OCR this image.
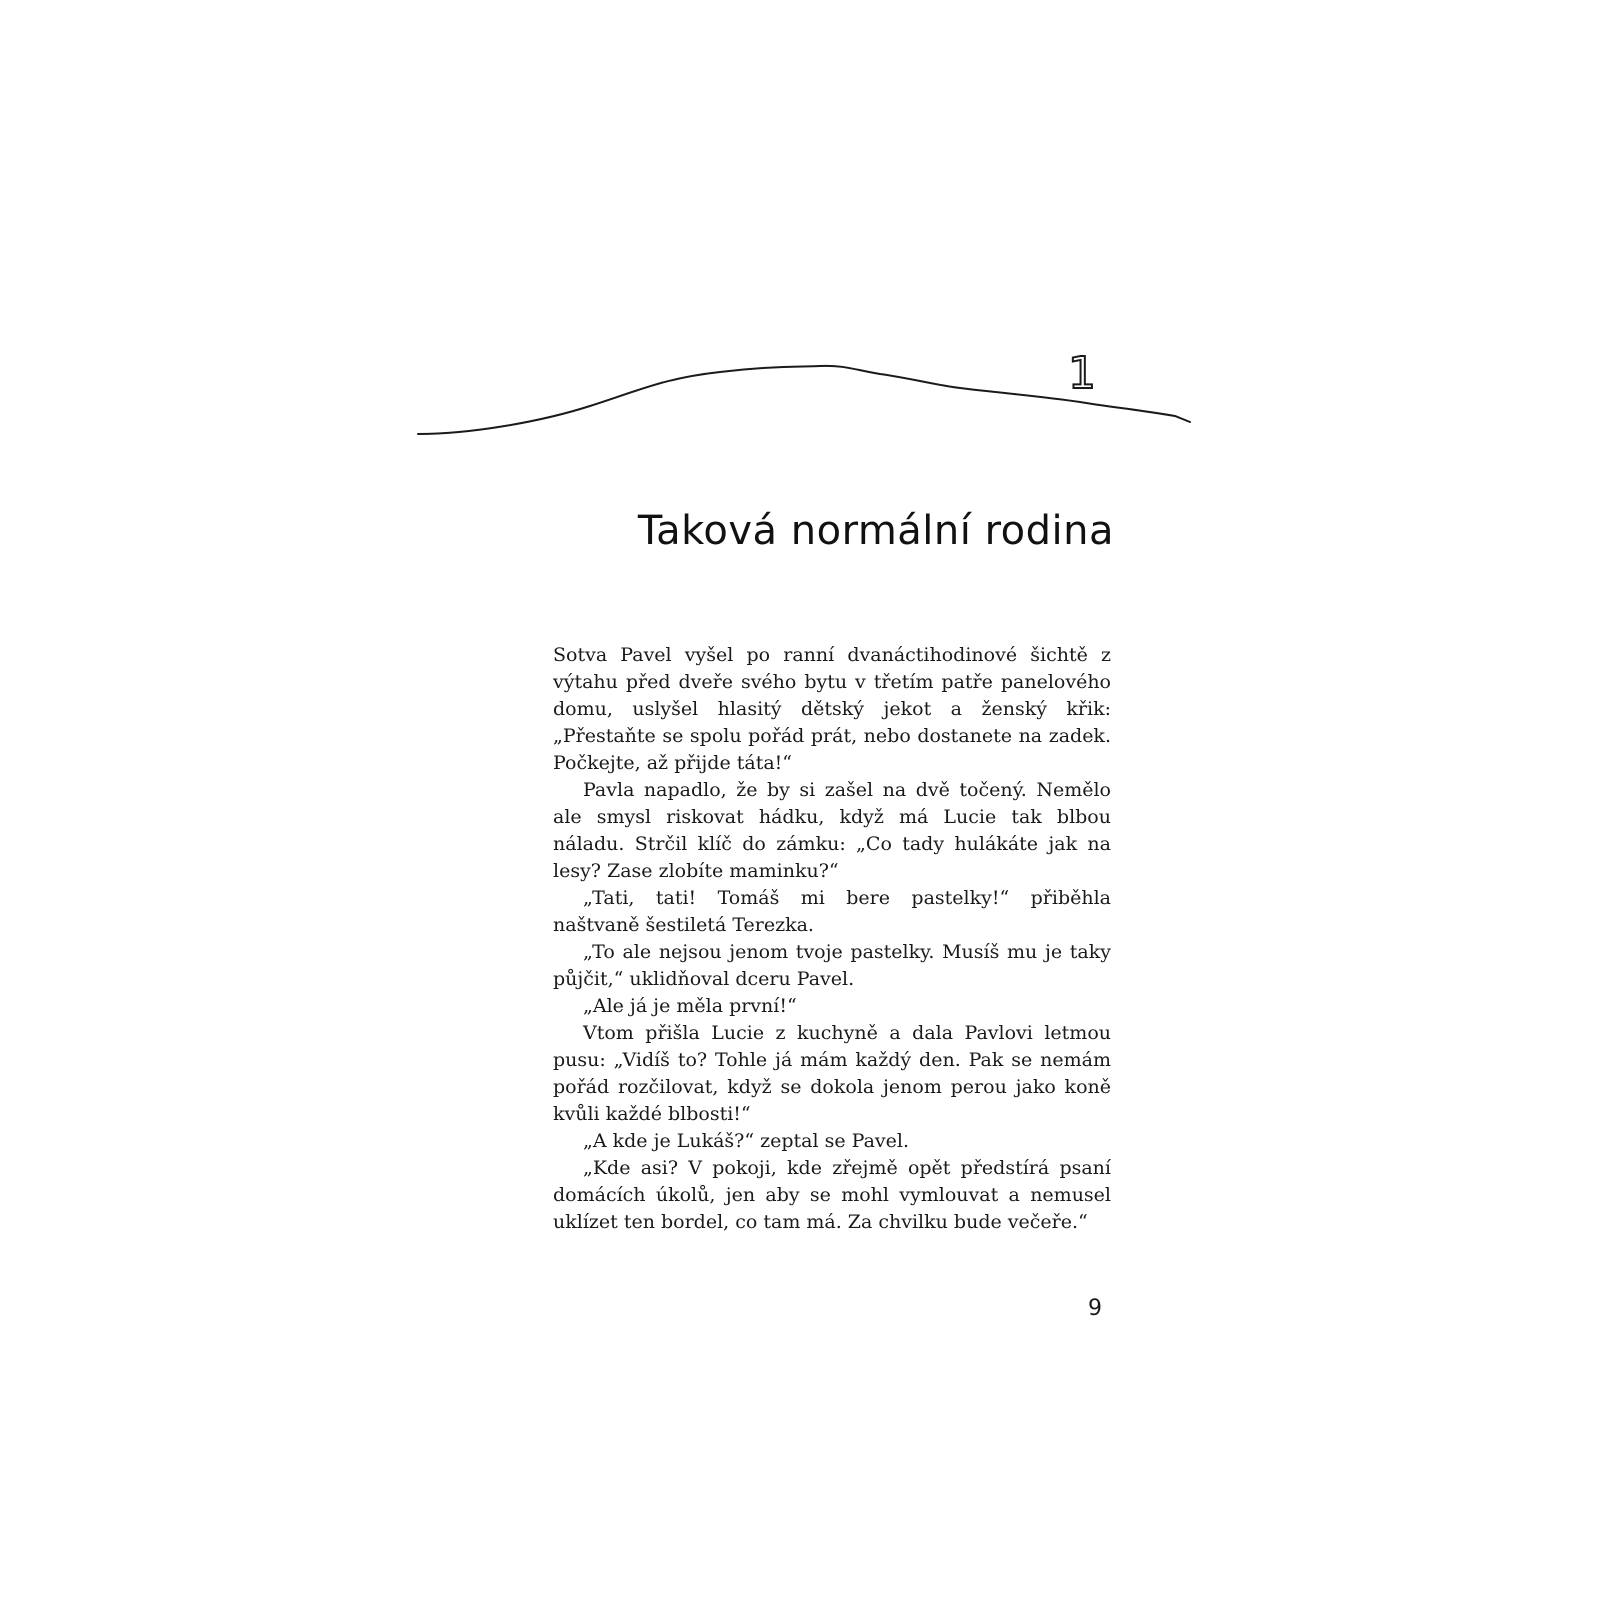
1
Taková normální rodina

Sotva Pavel vyšel po ranní dvanáctihodinové šichtě z výtahu před dveře svého bytu v třetím patře panelového domu, uslyšel hlasitý dětský jekot a ženský křik: „Přestaňte se spolu pořád prát, nebo dostanete na zadek. Počkejte, až přijde táta!“

Pavla napadlo, že by si zašel na dvě točený. Nemělo ale smysl riskovat hádku, když má Lucie tak blbou náladu. Strčil klíč do zámku: „Co tady hulákáte jak na lesy? Zase zlobíte maminku?“

„Tati, tati! Tomáš mi bere pastelky!“ přiběhla naštvaně šestiletá Terezka.

„To ale nejsou jenom tvoje pastelky. Musíš mu je taky půjčit,“ uklidňoval dceru Pavel.

„Ale já je měla první!“

Vtom přišla Lucie z kuchyně a dala Pavlovi letmou pusu: „Vidíš to? Tohle já mám každý den. Pak se nemám pořád rozčilovat, když se dokola jenom perou jako koně kvůli každé blbosti!“

„A kde je Lukáš?“ zeptal se Pavel.

„Kde asi? V pokoji, kde zřejmě opět předstírá psaní domácích úkolů, jen aby se mohl vymlouvat a nemusel uklízet ten bordel, co tam má. Za chvilku bude večeře.“

9
